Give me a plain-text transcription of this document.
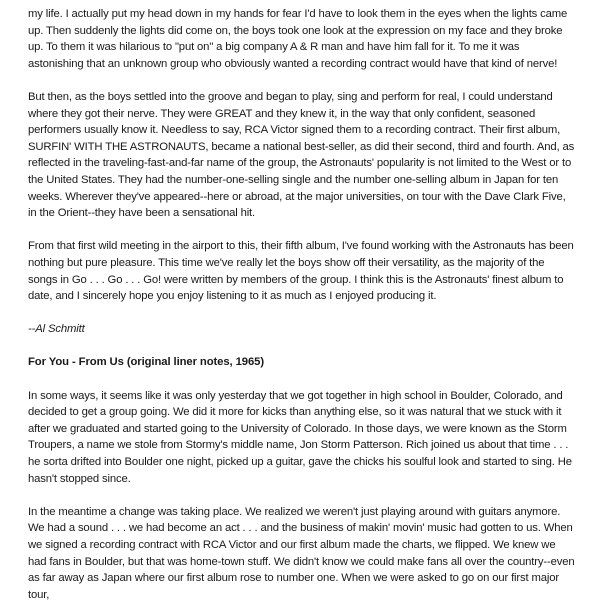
my life. I actually put my head down in my hands for fear I'd have to look them in the eyes when the lights came up. Then suddenly the lights did come on, the boys took one look at the expression on my face and they broke up. To them it was hilarious to "put on" a big company A & R man and have him fall for it. To me it was astonishing that an unknown group who obviously wanted a recording contract would have that kind of nerve!

But then, as the boys settled into the groove and began to play, sing and perform for real, I could understand where they got their nerve. They were GREAT and they knew it, in the way that only confident, seasoned performers usually know it. Needless to say, RCA Victor signed them to a recording contract. Their first album, SURFIN' WITH THE ASTRONAUTS, became a national best-seller, as did their second, third and fourth. And, as reflected in the traveling-fast-and-far name of the group, the Astronauts' popularity is not limited to the West or to the United States. They had the number-one-selling single and the number one-selling album in Japan for ten weeks. Wherever they've appeared--here or abroad, at the major universities, on tour with the Dave Clark Five, in the Orient--they have been a sensational hit.

From that first wild meeting in the airport to this, their fifth album, I've found working with the Astronauts has been nothing but pure pleasure. This time we've really let the boys show off their versatility, as the majority of the songs in Go . . . Go . . . Go! were written by members of the group. I think this is the Astronauts' finest album to date, and I sincerely hope you enjoy listening to it as much as I enjoyed producing it.

--Al Schmitt

For You - From Us (original liner notes, 1965)

In some ways, it seems like it was only yesterday that we got together in high school in Boulder, Colorado, and decided to get a group going. We did it more for kicks than anything else, so it was natural that we stuck with it after we graduated and started going to the University of Colorado. In those days, we were known as the Storm Troupers, a name we stole from Stormy's middle name, Jon Storm Patterson. Rich joined us about that time . . . he sorta drifted into Boulder one night, picked up a guitar, gave the chicks his soulful look and started to sing. He hasn't stopped since.

In the meantime a change was taking place. We realized we weren't just playing around with guitars anymore. We had a sound . . . we had become an act . . . and the business of makin' movin' music had gotten to us. When we signed a recording contract with RCA Victor and our first album made the charts, we flipped. We knew we had fans in Boulder, but that was home-town stuff. We didn't know we could make fans all over the country--even as far away as Japan where our first album rose to number one. When we were asked to go on our first major tour,
